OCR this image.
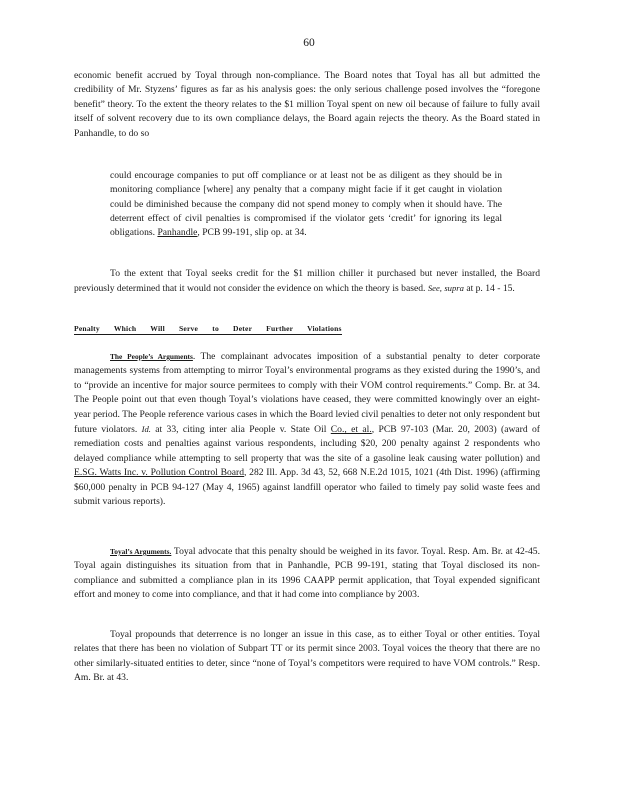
60

economic benefit accrued by Toyal through non-compliance. The Board notes that Toyal has all but admitted the credibility of Mr. Styzens’ figures as far as his analysis goes: the only serious challenge posed involves the “foregone benefit” theory. To the extent the theory relates to the $1 million Toyal spent on new oil because of failure to fully avail itself of solvent recovery due to its own compliance delays, the Board again rejects the theory. As the Board stated in Panhandle, to do so

could encourage companies to put off compliance or at least not be as diligent as they should be in monitoring compliance [where] any penalty that a company might facie if it get caught in violation could be diminished because the company did not spend money to comply when it should have. The deterrent effect of civil penalties is compromised if the violator gets ‘credit’ for ignoring its legal obligations. Panhandle, PCB 99-191, slip op. at 34.

To the extent that Toyal seeks credit for the $1 million chiller it purchased but never installed, the Board previously determined that it would not consider the evidence on which the theory is based. See, supra at p. 14 - 15.

Penalty Which Will Serve to Deter Further Violations

The People’s Arguments. The complainant advocates imposition of a substantial penalty to deter corporate managements systems from attempting to mirror Toyal’s environmental programs as they existed during the 1990’s, and to “provide an incentive for major source permitees to comply with their VOM control requirements.” Comp. Br. at 34. The People point out that even though Toyal’s violations have ceased, they were committed knowingly over an eight-year period. The People reference various cases in which the Board levied civil penalties to deter not only respondent but future violators. Id. at 33, citing inter alia People v. State Oil Co., et al., PCB 97-103 (Mar. 20, 2003) (award of remediation costs and penalties against various respondents, including $20, 200 penalty against 2 respondents who delayed compliance while attempting to sell property that was the site of a gasoline leak causing water pollution) and E.SG. Watts Inc. v. Pollution Control Board, 282 Ill. App. 3d 43, 52, 668 N.E.2d 1015, 1021 (4th Dist. 1996) (affirming $60,000 penalty in PCB 94-127 (May 4, 1965) against landfill operator who failed to timely pay solid waste fees and submit various reports).

Toyal’s Arguments. Toyal advocate that this penalty should be weighed in its favor. Toyal. Resp. Am. Br. at 42-45. Toyal again distinguishes its situation from that in Panhandle, PCB 99-191, stating that Toyal disclosed its non-compliance and submitted a compliance plan in its 1996 CAAPP permit application, that Toyal expended significant effort and money to come into compliance, and that it had come into compliance by 2003.

Toyal propounds that deterrence is no longer an issue in this case, as to either Toyal or other entities. Toyal relates that there has been no violation of Subpart TT or its permit since 2003. Toyal voices the theory that there are no other similarly-situated entities to deter, since “none of Toyal’s competitors were required to have VOM controls.” Resp. Am. Br. at 43.
